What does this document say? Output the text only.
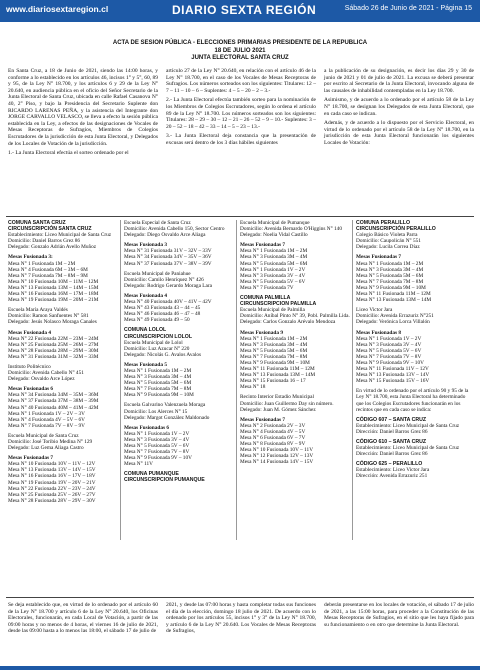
www.diariosextaregion.cl	DIARIO SEXTA REGIÓN	Sábado 26 de Junio de 2021 - Página 15
ACTA DE SESION PÚBLICA - ELECCIONES PRIMARIAS PRESIDENTE DE LA REPUBLICA
18 DE JULIO 2021
JUNTA ELECTORAL SANTA CRUZ

En Santa Cruz, a 18 de Junio de 2021, siendo las 14:00 horas, y conforme a lo establecido en los artículos 46, incisos 1° y 5°, 60, 89 y 95, de la Ley N° 18.700, y los artículos 6 y 29 de la Ley N° 20.640, en audiencia pública en el oficio del Señor Secretario de la Junta Electoral de Santa Cruz, ubicada en calle Rafael Casanova N° 40, 2° Piso, y bajo la Presidencia del Secretario Suplente don RICARDO LARENAS PEÑA, y la asistencia del Integrante don JORGE CARVALLO VELASCO, se lleva a efecto la sesión pública establecida en la Ley, a efectos de las designaciones de Vocales de Mesas Receptoras de Sufragios, Miembros de Colegios Escrutadores de la jurisdicción de esta Junta Electoral, y Delegados de los Locales de Votación de la jurisdicción.

1.- La Junta Electoral efectúa el sorteo ordenado por el

artículo 27 de la Ley N° 20.640, en relación con el artículo 46 de la Ley N° 18.700, en el caso de los Vocales de Mesas Receptoras de Sufragios. Los números sorteados son los siguientes: Titulares: 12 – 7 – 11 – 10 – 6 – Suplentes: 4 – 5 – 20 – 2 – 3.-

2.- La Junta Electoral efectúa también sorteo para la nominación de los Miembros de Colegios Escrutadores, según lo ordena el artículo 89 de la Ley N° 18.700. Los números sorteados son los siguientes: Titulares: 28 – 29 – 30 – 12 – 21 – 26 – 52 – 9 – 10.- Suplentes: 3 – 20 – 52 – 18 – 42 – 33 – 14 – 5 – 23 – 13.-

3.- La Junta Electoral deja constancia que la presentación de excusas será dentro de los 3 días hábiles siguientes

a la publicación de su designación, es decir los días 29 y 30 de junio de 2021 y 01 de julio de 2021. La excusa se deberá presentar por escrito al Secretario de la Junta Electoral, invocando alguna de las causales de inhabilidad contempladas en la Ley 18.700.

Asimismo, y de acuerdo a lo ordenado por el artículo 58 de la Ley N° 18.700, se designan los Delegados de esta Junta Electoral, que en cada caso se indican.

Además, y de acuerdo a lo dispuesto por el Servicio Electoral, en virtud de lo ordenado por el artículo 58 de la Ley N° 18.700, en la jurisdicción de esta Junta Electoral funcionarán los siguientes Locales de Votación:

COMUNA SANTA CRUZ
CIRCUNSCRIPCIÓN SANTA CRUZ
Establecimiento: Liceo Municipal de Santa Cruz
Domicilio: Daniel Barros Grez 86
Delegado: Gonzalo Adrián Avello Muñoz
Mesas Fusionada 3:
Mesa N° 1 Fusionada 1M – 2M
Mesa N° 4 Fusionada 6M – 3M – 6M
Mesa N° 7 Fusionada 7M – 8M – 9M
Mesa N° 10 Fusionada 10M – 11M – 12M
Mesa N° 13 Fusionada 13M – 14M – 15M
Mesa N° 16 Fusionada 16M – 17M – 18M
Mesa N° 19 Fusionada 19M – 20M – 21M
Escuela María Araya Valdés
Domicilio: Ramon Sanfuentes N° 581
Delegado: Jesús Nolasco Moraga Canales
Mesas Fusionada 4
Mesa N° 22 Fusionada 22M – 23M – 24M
Mesa N° 25 Fusionada 25M – 26M – 27M
Mesa N° 28 Fusionada 28M – 29M – 30M
Mesa N° 31 Fusionada 31M – 32M – 33M
Instituto Politécnico
Domicilio: Avenida Cabello N° 451
Delegado: Osvaldo Arce López
Mesas Fusionadas 6
Mesa N° 34 Fusionada 34M – 35M – 36M
Mesa N° 37 Fusionada 37M – 38M – 39M
Mesa N° 40 Fusionada 40M – 41M – 42M
Mesa N° 1 Fusionada 1V – 2V – 3V
Mesa N° 4 Fusionada 4V – 5V – 6V
Mesa N° 7 Fusionada 7V – 8V – 9V
Escuela Municipal de Santa Cruz
Domicilio: José Toribio Medina N° 129
Delegado: Luz Gema Aliaga Castro
Mesas Fusionadas 7
Mesa N° 10 Fusionada 10V – 11V – 12V
Mesa N° 13 Fusionada 13V – 14V – 15V
Mesa N° 16 Fusionada 16V – 17V – 18V
Mesa N° 19 Fusionada 19V – 20V – 21V
Mesa N° 22 Fusionada 22V – 23V – 24V
Mesa N° 25 Fusionada 25V – 26V – 27V
Mesa N° 28 Fusionada 28V – 29V – 30V
Escuela Especial de Santa Cruz
Domicilio: Avenida Cabello 150, Sector Centro
Delegado: Diego Osvaldo Arce Aliaga
Mesas Fusionada 3
Mesa N° 31 Fusionada 31V – 32V – 33V
Mesa N° 34 Fusionada 34V – 35V – 36V
Mesa N° 37 Fusionada 37V – 38V – 39V
Escuela Municipal de Paniahue
Domicilio: Camilo Henríquez N° 426
Delegado: Rodrigo Gerardo Moraga Lara
Mesas Fusionada 4
Mesa N° 40 Fusionada 40V – 41V – 42V
Mesa N° 43 Fusionada 43 – 44 – 45
Mesa N° 46 Fusionada 46 – 47 – 48
Mesa N° 49 Fusionada 49 – 50
COMUNA LOLOL
CIRCUNSCRIPCION LOLOL
Escuela Municipal de Lolol
Domicilio: Luz Azucar N° 220
Delegado: Nicolás G. Avalos Avalos
Mesas Fusionada 5
Mesa N° 1 Fusionada 1M – 2M
Mesa N° 3 Fusionada 3M – 4M
Mesa N° 5 Fusionada 5M – 6M
Mesa N° 7 Fusionada 7M – 8M
Mesa N° 9 Fusionada 9M – 10M
Escuela Galvarino Valenzuela Moraga
Domicilio: Los Alerces N° 15
Delegado: Margot González Maldonado
Mesas Fusionadas 6
Mesa N° 1 Fusionada 1V – 2V
Mesa N° 3 Fusionada 3V – 4V
Mesa N° 5 Fusionada 5V – 6V
Mesa N° 7 Fusionada 7V – 8V
Mesa N° 9 Fusionada 9V – 10V
Mesa N° 11V
COMUNA PUMANQUE
CIRCUNSCRIPCION PUMANQUE
Escuela Municipal de Pumanque
Domicilio: Avenida Bernardo O'Higgins N° 140
Delegado: Noelia Vidal Castillo
Mesas Fusionadas 7
Mesa N° 1 Fusionada 1M – 2M
Mesa N° 3 Fusionada 3M – 4M
Mesa N° 5 Fusionada 5M – 6M
Mesa N° 1 Fusionada 1V – 2V
Mesa N° 3 Fusionada 3V – 4V
Mesa N° 5 Fusionada 5V – 6V
Mesa N° 7 Fusionada 7V
COMUNA PALMILLA
CIRCUNSCRIPCION PALMILLA
Escuela Municipal de Palmilla
Domicilio: Aníbal Pinto N° 39, Pobl. Palmilla Lida.
Delegado: Carlos Gonzalo Arévalo Mendoza
Mesas Fusionada 9
Mesa N° 1 Fusionada 1M – 2M
Mesa N° 3 Fusionada 3M – 4M
Mesa N° 5 Fusionada 5M – 6M
Mesa N° 7 Fusionada 7M – 8M
Mesa N° 9 Fusionada 9M – 10M
Mesa N° 11 Fusionada 11M – 12M
Mesa N° 13 Fusionada 13M – 14M
Mesa N° 15 Fusionada 16 – 17
Mesa N° 18
Recinto Interior Estadio Municipal
Domicilio: Juan Guillermo Day sin número.
Delegado: Juan M. Gómez Sánchez
Mesas Fusionadas 7
Mesa N° 2 Fusionada 2V – 3V
Mesa N° 4 Fusionada 4V – 5V
Mesa N° 6 Fusionada 6V – 7V
Mesa N° 8 Fusionada 8V – 9V
Mesa N° 10 Fusionada 10V – 11V
Mesa N° 12 Fusionada 12V – 13V
Mesa N° 14 Fusionada 14V – 15V
COMUNA PERALILLO
CIRCUNSCRIPCIÓN PERALILLO
Colegio Básico Violeta Parra
Domicilio: Caupolicán N° 551
Delegado: Lucila Correa Díaz
Mesas Fusionadas 7
Mesa N° 1 Fusionada 1M – 2M
Mesa N° 3 Fusionada 3M – 4M
Mesa N° 5 Fusionada 5M – 6M
Mesa N° 7 Fusionada 7M – 8M
Mesa N° 9 Fusionada 9M – 10M
Mesa N° 11 Fusionada 11M – 12M
Mesa N° 13 Fusionada 13M – 14M
Liceo Victor Jara
Domicilio: Avenida Errazuriz N°251
Delegado: Verónica Lorca Villalón
Mesas Fusionadas 8
Mesa N° 1 Fusionada 1V – 2V
Mesa N° 3 Fusionada 3V – 4V
Mesa N° 5 Fusionada 5V – 6V
Mesa N° 7 Fusionada 7V – 8V
Mesa N° 9 Fusionada 9V – 10V
Mesa N° 11 Fusionada 11V – 12V
Mesa N° 13 Fusionada 13V – 14V
Mesa N° 15 Fusionada 15V – 16V
En virtud de lo ordenado por el artículo 90 y 95 de la Ley N° 18.700, esta Junta Electoral ha determinado que los Colegios Escrutadores funcionarán en los recintos que en cada caso se indica:
CÓDIGO 607 – SANTA CRUZ
Establecimiento: Liceo Municipal de Santa Cruz
Dirección: Daniel Barros Grez 86
CÓDIGO 610 – SANTA CRUZ
Establecimiento: Liceo Municipal de Santa Cruz
Dirección: Daniel Barros Grez 86
CÓDIGO 625 – PERALILLO
Establecimiento: Liceo Victor Jara
Dirección: Avenida Errazuriz 251

Se deja establecido que, en virtud de lo ordenado por el artículo 60 de la Ley N° 18.700 y artículo 6 de la Ley N° 20.640, los Oficinas Electorales, funcionarán, en cada Local de Votación, a partir de las 09:00 horas y no menos de 4 horas, el viernes 16 de julio de 2021, desde las 09:00 hasta a lo menos las 18:00, el sábado 17 de julio de

2021, y desde las 07:00 horas y hasta completar todas sus funciones el día de la elección, domingo 18 julio de 2021. De acuerdo con lo ordenado por los artículos 55, incisos 1° y 3° de la Ley N° 18.700, y artículo 6 de la Ley N° 20.640. Los Vocales de Mesas Receptoras de Sufragios,

deberán presentarse en los locales de votación, el sábado 17 de julio de 2021, a las 15:00 horas, para proceder a la Constitución de las Mesas Receptoras de Sufragios, en el sitio que les haya fijado para su funcionamiento o en otro que determine la Junta Electoral.
